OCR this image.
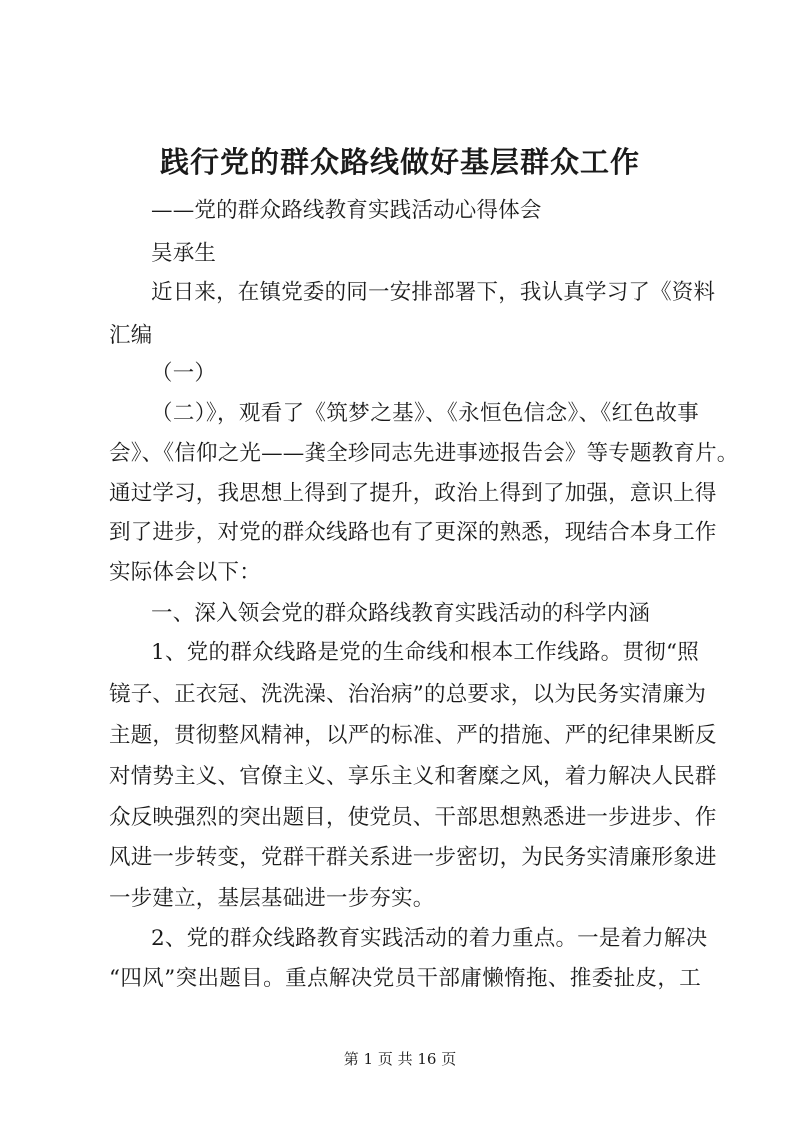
践行党的群众路线做好基层群众工作
——党的群众路线教育实践活动心得体会
吴承生
近日来，在镇党委的同一安排部署下，我认真学习了《资料
汇编
（一）
（二）》，观看了《筑梦之基》、《永恒色信念》、《红色故事
会》、《信仰之光——龚全珍同志先进事迹报告会》等专题教育片。
通过学习，我思想上得到了提升，政治上得到了加强，意识上得
到了进步，对党的群众线路也有了更深的熟悉，现结合本身工作
实际体会以下：
一、深入领会党的群众路线教育实践活动的科学内涵
1、党的群众线路是党的生命线和根本工作线路。贯彻“照
镜子、正衣冠、洗洗澡、治治病”的总要求，以为民务实清廉为
主题，贯彻整风精神，以严的标准、严的措施、严的纪律果断反
对情势主义、官僚主义、享乐主义和奢糜之风，着力解决人民群
众反映强烈的突出题目，使党员、干部思想熟悉进一步进步、作
风进一步转变，党群干群关系进一步密切，为民务实清廉形象进
一步建立，基层基础进一步夯实。
2、党的群众线路教育实践活动的着力重点。一是着力解决
“四风”突出题目。重点解决党员干部庸懒惰拖、推委扯皮，工
第 1 页 共 16 页
